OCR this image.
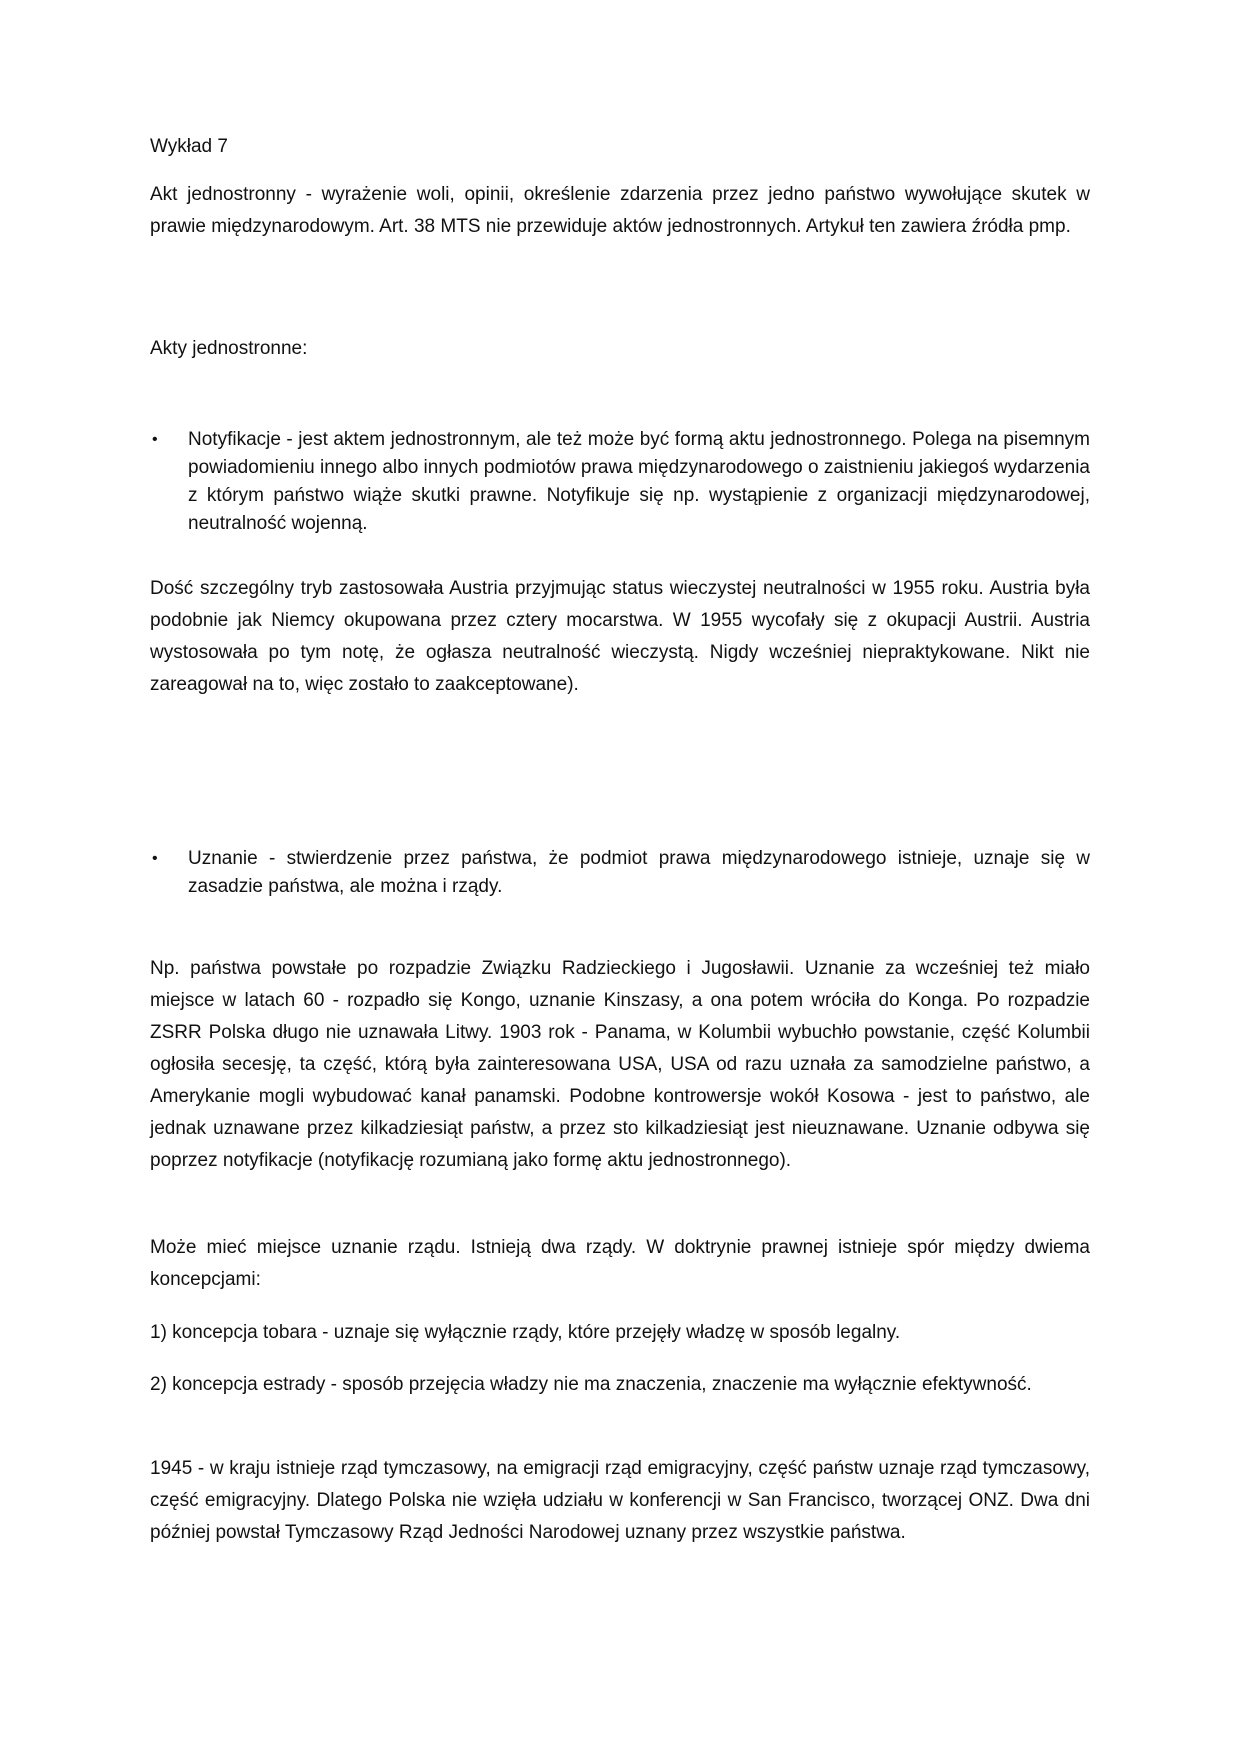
Wykład 7

Akt jednostronny - wyrażenie woli, opinii, określenie zdarzenia przez jedno państwo wywołujące skutek w prawie międzynarodowym. Art. 38 MTS nie przewiduje aktów jednostronnych. Artykuł ten zawiera źródła pmp.

Akty jednostronne:

• Notyfikacje - jest aktem jednostronnym, ale też może być formą aktu jednostronnego. Polega na pisemnym powiadomieniu innego albo innych podmiotów prawa międzynarodowego o zaistnieniu jakiegoś wydarzenia z którym państwo wiąże skutki prawne. Notyfikuje się np. wystąpienie z organizacji międzynarodowej, neutralność wojenną.

Dość szczególny tryb zastosowała Austria przyjmując status wieczystej neutralności w 1955 roku. Austria była podobnie jak Niemcy okupowana przez cztery mocarstwa. W 1955 wycofały się z okupacji Austrii. Austria wystosowała po tym notę, że ogłasza neutralność wieczystą. Nigdy wcześniej niepraktykowane. Nikt nie zareagował na to, więc zostało to zaakceptowane).

• Uznanie - stwierdzenie przez państwa, że podmiot prawa międzynarodowego istnieje, uznaje się w zasadzie państwa, ale można i rządy.

Np. państwa powstałe po rozpadzie Związku Radzieckiego i Jugosławii. Uznanie za wcześniej też miało miejsce w latach 60 - rozpadło się Kongo, uznanie Kinszasy, a ona potem wróciła do Konga. Po rozpadzie ZSRR Polska długo nie uznawała Litwy. 1903 rok - Panama, w Kolumbii wybuchło powstanie, część Kolumbii ogłosiła secesję, ta część, którą była zainteresowana USA, USA od razu uznała za samodzielne państwo, a Amerykanie mogli wybudować kanał panamski. Podobne kontrowersje wokół Kosowa - jest to państwo, ale jednak uznawane przez kilkadziesiąt państw, a przez sto kilkadziesiąt jest nieuznawane. Uznanie odbywa się poprzez notyfikacje (notyfikację rozumianą jako formę aktu jednostronnego).

Może mieć miejsce uznanie rządu. Istnieją dwa rządy. W doktrynie prawnej istnieje spór między dwiema koncepcjami:

1) koncepcja tobara - uznaje się wyłącznie rządy, które przejęły władzę w sposób legalny.

2) koncepcja estrady - sposób przejęcia władzy nie ma znaczenia, znaczenie ma wyłącznie efektywność.

1945 - w kraju istnieje rząd tymczasowy, na emigracji rząd emigracyjny, część państw uznaje rząd tymczasowy, część emigracyjny. Dlatego Polska nie wzięła udziału w konferencji w San Francisco, tworzącej ONZ. Dwa dni później powstał Tymczasowy Rząd Jedności Narodowej uznany przez wszystkie państwa.
